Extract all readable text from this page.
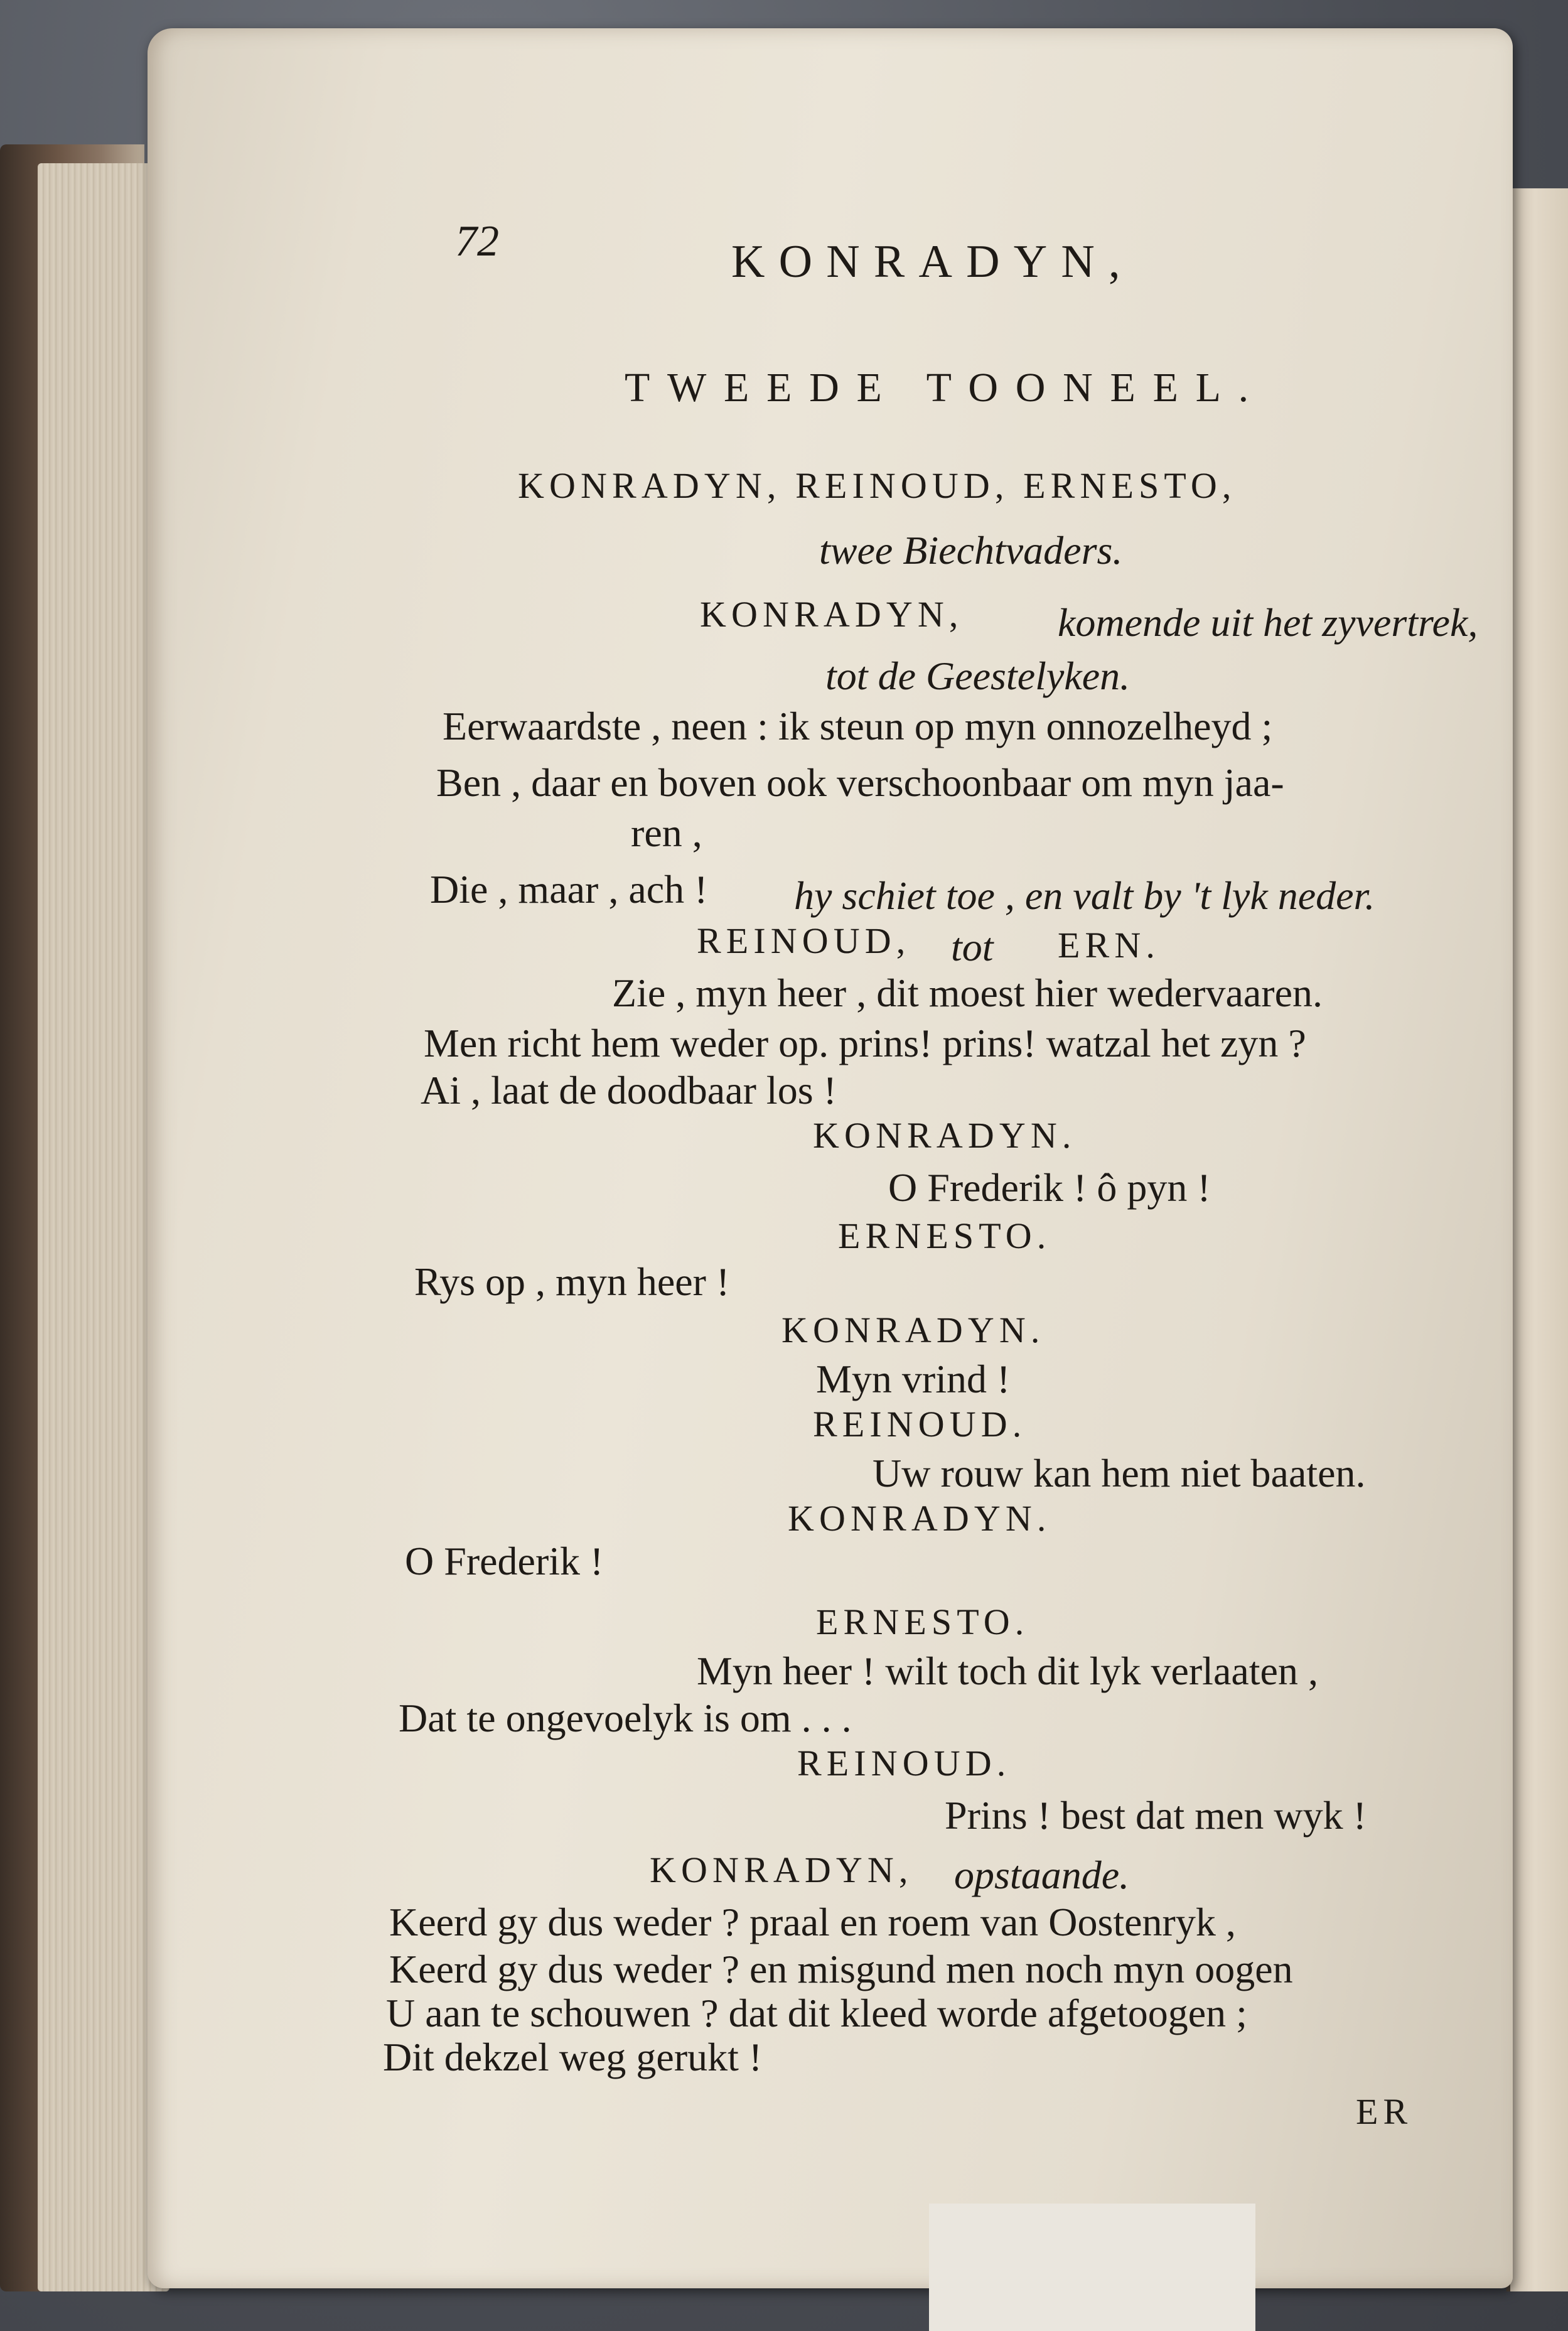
72	KONRADYN,
TWEEDE TOONEEL.
KONRADYN, REINOUD, ERNESTO,
twee Biechtvaders.
KONRADYN, komende uit het zyvertrek,
tot de Geestelyken.
Eerwaardste , neen : ik steun op myn onnozelheyd ;
Ben , daar en boven ook verschoonbaar om myn jaa-
ren ,
Die , maar , ach ! hy schiet toe , en valt by 't lyk neder.
REINOUD, tot ERN.
Zie , myn heer , dit moest hier wedervaaren.
Men richt hem weder op. prins! prins! watzal het zyn ?
Ai , laat de doodbaar los !
KONRADYN.
O Frederik ! ô pyn !
ERNESTO.
Rys op , myn heer !
KONRADYN.
Myn vrind !
REINOUD.
Uw rouw kan hem niet baaten.
KONRADYN.
O Frederik !
ERNESTO.
Myn heer ! wilt toch dit lyk verlaaten ,
Dat te ongevoelyk is om . . .
REINOUD.
Prins ! best dat men wyk !
KONRADYN, opstaande.
Keerd gy dus weder ? praal en roem van Oostenryk ,
Keerd gy dus weder ? en misgund men noch myn oogen
U aan te schouwen ? dat dit kleed worde afgetoogen ;
Dit dekzel weg gerukt !
ER
